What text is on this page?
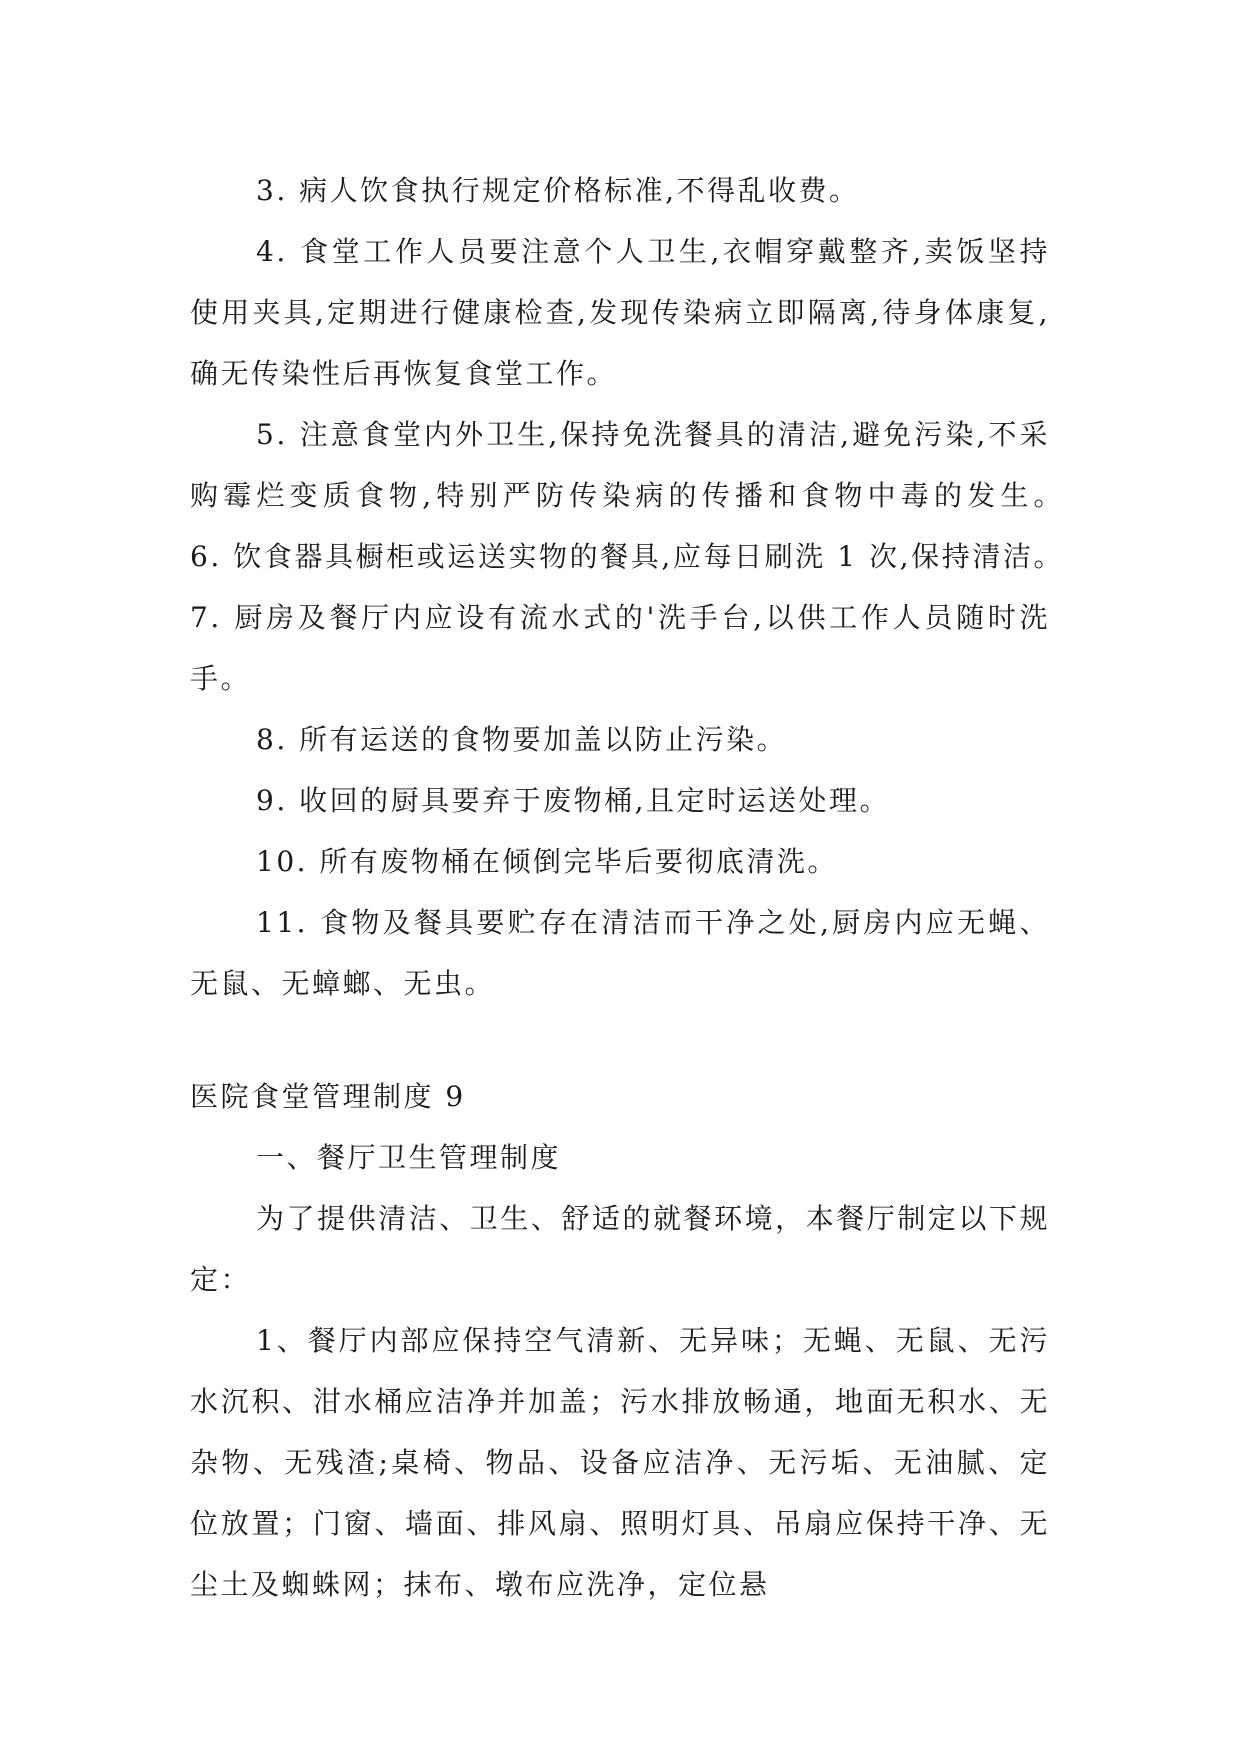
3. 病人饮食执行规定价格标准,不得乱收费。

4. 食堂工作人员要注意个人卫生,衣帽穿戴整齐,卖饭坚持使用夹具,定期进行健康检查,发现传染病立即隔离,待身体康复,确无传染性后再恢复食堂工作。

5. 注意食堂内外卫生,保持免洗餐具的清洁,避免污染,不采购霉烂变质食物,特别严防传染病的传播和食物中毒的发生。　　6. 饮食器具橱柜或运送实物的餐具,应每日刷洗 1 次,保持清洁。　　7. 厨房及餐厅内应设有流水式的'洗手台,以供工作人员随时洗手。

8. 所有运送的食物要加盖以防止污染。

9. 收回的厨具要弃于废物桶,且定时运送处理。

10. 所有废物桶在倾倒完毕后要彻底清洗。

11. 食物及餐具要贮存在清洁而干净之处,厨房内应无蝇、无鼠、无蟑螂、无虫。

医院食堂管理制度 9

一、餐厅卫生管理制度

为了提供清洁、卫生、舒适的就餐环境，本餐厅制定以下规定：

1、餐厅内部应保持空气清新、无异味；无蝇、无鼠、无污水沉积、泔水桶应洁净并加盖；污水排放畅通，地面无积水、无杂物、无残渣;桌椅、物品、设备应洁净、无污垢、无油腻、定位放置；门窗、墙面、排风扇、照明灯具、吊扇应保持干净、无尘土及蜘蛛网；抹布、墩布应洗净，定位悬
